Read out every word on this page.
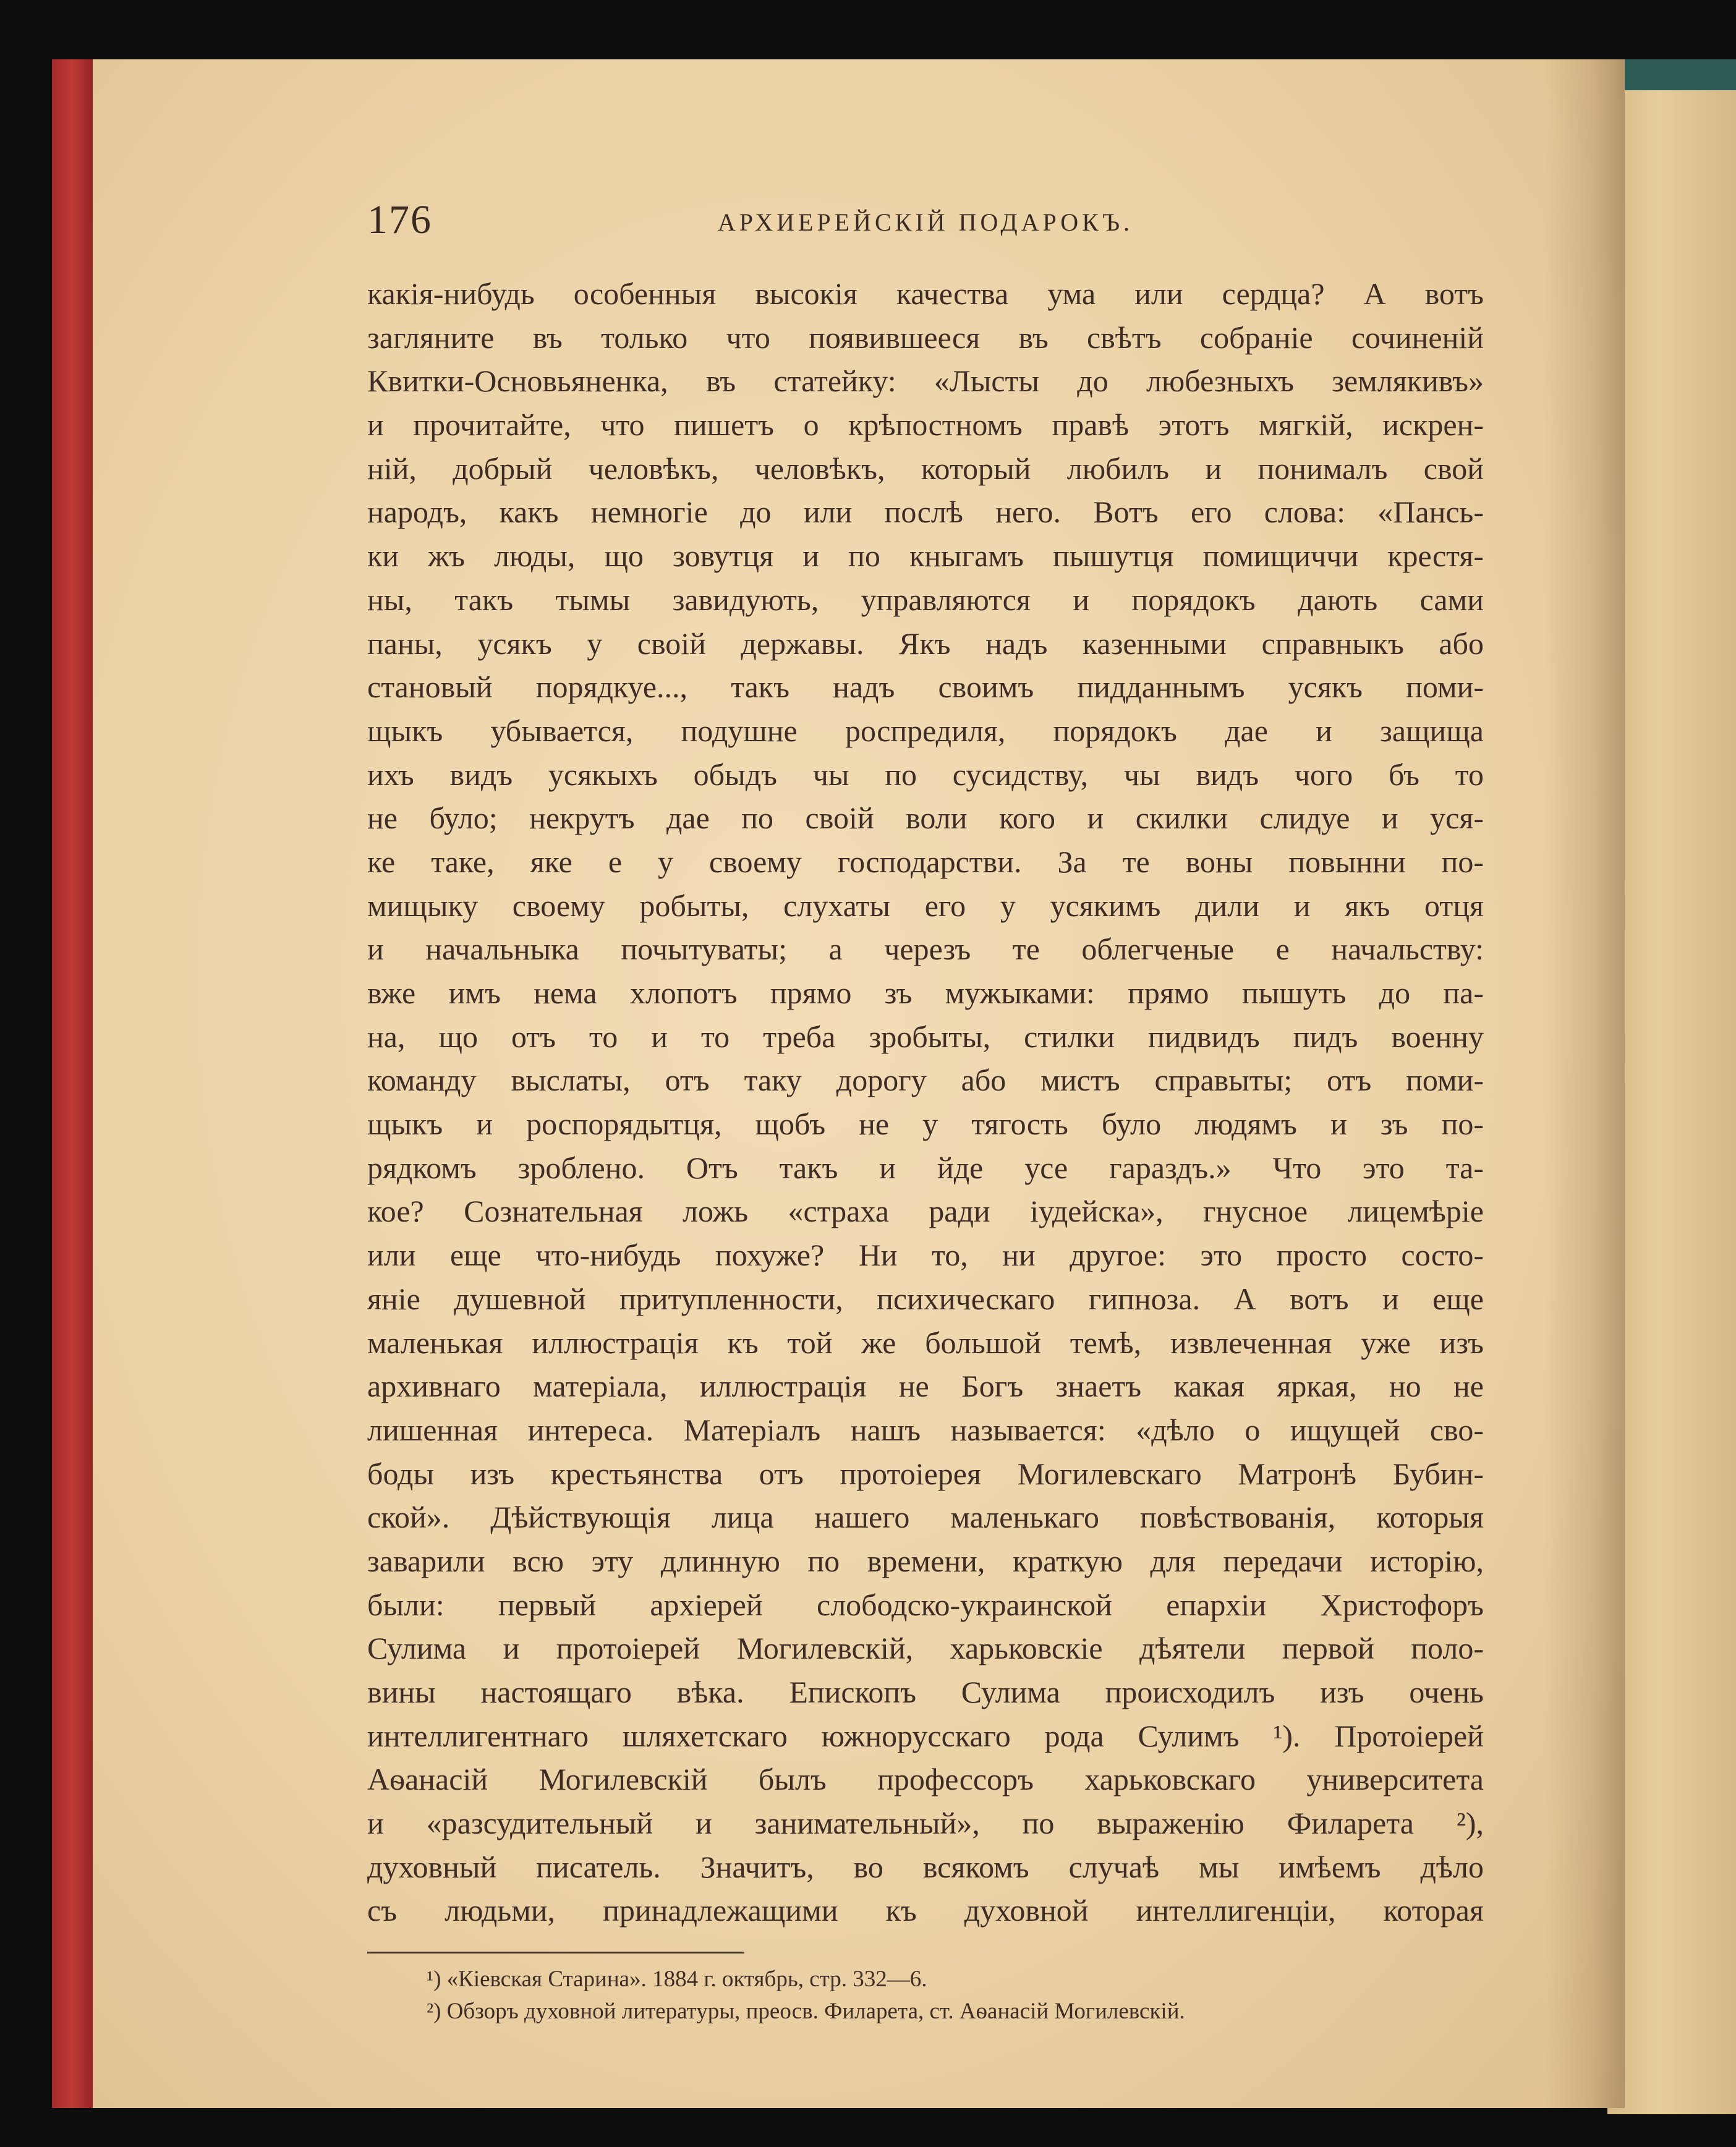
176	АРХИЕРЕЙСКІЙ ПОДАРОКЪ.
какія-нибудь особенныя высокія качества ума или сердца? А вотъ
загляните въ только что появившееся въ свѣтъ собраніе сочиненій
Квитки-Основьяненка, въ статейку: «Лысты до любезныхъ землякивъ»
и прочитайте, что пишетъ о крѣпостномъ правѣ этотъ мягкій, искрен-
ній, добрый человѣкъ, человѣкъ, который любилъ и понималъ свой
народъ, какъ немногіе до или послѣ него. Вотъ его слова: «Пансь-
ки жъ люды, що зовутця и по кныгамъ пышутця помищиччи крестя-
ны, такъ тымы завидують, управляются и порядокъ дають сами
паны, усякъ у своій державы. Якъ надъ казенными справныкъ або
становый порядкуе..., такъ надъ своимъ пидданнымъ усякъ поми-
щыкъ убывается, подушне роспредиля, порядокъ дае и защища
ихъ видъ усякыхъ обыдъ чы по сусидству, чы видъ чого бъ то
не було; некрутъ дае по своій воли кого и скилки слидуе и уся-
ке таке, яке е у своему господарстви. За те воны повынни по-
мищыку своему робыты, слухаты его у усякимъ дили и якъ отця
и начальныка почытуваты; а черезъ те облегченые е начальству:
вже имъ нема хлопотъ прямо зъ мужыками: прямо пышуть до па-
на, що отъ то и то треба зробыты, стилки пидвидъ пидъ военну
команду выслаты, отъ таку дорогу або мистъ справыты; отъ поми-
щыкъ и роспорядытця, щобъ не у тягость було людямъ и зъ по-
рядкомъ зроблено. Отъ такъ и йде усе гараздъ.» Что это та-
кое? Сознательная ложь «страха ради іудейска», гнусное лицемѣріе
или еще что-нибудь похуже? Ни то, ни другое: это просто состо-
яніе душевной притупленности, психическаго гипноза. А вотъ и еще
маленькая иллюстрація къ той же большой темѣ, извлеченная уже изъ
архивнаго матеріала, иллюстрація не Богъ знаетъ какая яркая, но не
лишенная интереса. Матеріалъ нашъ называется: «дѣло о ищущей сво-
боды изъ крестьянства отъ протоіерея Могилевскаго Матронѣ Бубин-
ской». Дѣйствующія лица нашего маленькаго повѣствованія, которыя
заварили всю эту длинную по времени, краткую для передачи исторію,
были: первый архіерей слободско-украинской епархіи Христофоръ
Сулима и протоіерей Могилевскій, харьковскіе дѣятели первой поло-
вины настоящаго вѣка. Епископъ Сулима происходилъ изъ очень
интеллигентнаго шляхетскаго южнорусскаго рода Сулимъ ¹). Протоіерей
Аѳанасій Могилевскій былъ профессоръ харьковскаго университета
и «разсудительный и занимательный», по выраженію Филарета ²),
духовный писатель. Значитъ, во всякомъ случаѣ мы имѣемъ дѣло
съ людьми, принадлежащими къ духовной интеллигенціи, которая
¹) «Кіевская Старина». 1884 г. октябрь, стр. 332—6.
²) Обзоръ духовной литературы, преосв. Филарета, ст. Аѳанасій Могилевскій.
